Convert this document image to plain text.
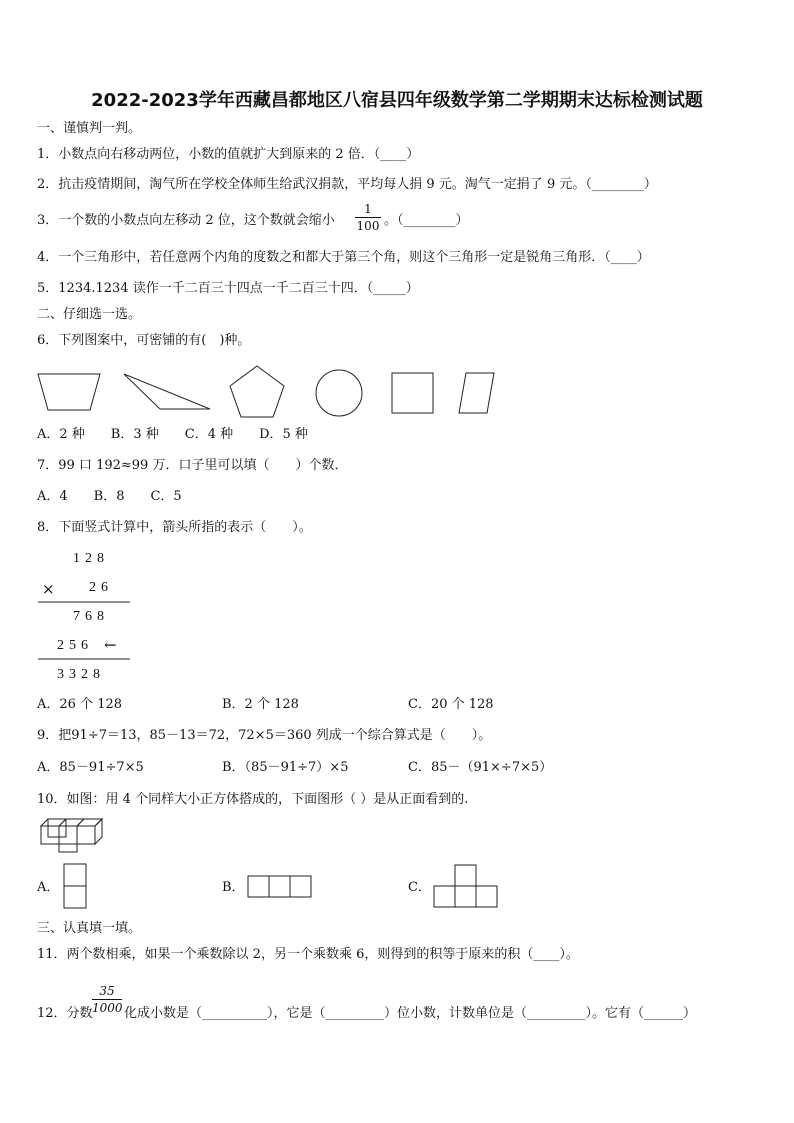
2022-2023学年西藏昌都地区八宿县四年级数学第二学期期末达标检测试题
一、谨慎判一判。
1．小数点向右移动两位，小数的值就扩大到原来的 2 倍．（____）
2．抗击疫情期间，淘气所在学校全体师生给武汉捐款，平均每人捐 9 元。淘气一定捐了 9 元。（________）
3．一个数的小数点向左移动 2 位，这个数就会缩小
1
100 。（________）
4．一个三角形中，若任意两个内角的度数之和都大于第三个角，则这个三角形一定是锐角三角形．（____）
5．1234.1234 读作一千二百三十四点一千二百三十四．（_____）
二、仔细选一选。
6．下列图案中，可密铺的有(　)种。
A．2 种　　B．3 种　　C．4 种　　D．5 种
7．99 口 192≈99 万．口子里可以填（　　）个数．
A．4　　B．8　　C．5
8．下面竖式计算中，箭头所指的表示（　　）。
128
× 26
768
256 ←
3328
A．26 个 128	B．2 个 128	C．20 个 128
9．把91÷7＝13，85－13＝72，72×5＝360 列成一个综合算式是（　　）。
A．85－91÷7×5	B．（85－91÷7）×5	C．85－（91×÷7×5）
10．如图：用 4 个同样大小正方体搭成的，下面图形（ ）是从正面看到的.
A．	B．	C．
三、认真填一填。
11．两个数相乘，如果一个乘数除以 2，另一个乘数乘 6，则得到的积等于原来的积（____）。
12．分数
35
1000 化成小数是（__________），它是（_________）位小数，计数单位是（_________）。它有（______）
